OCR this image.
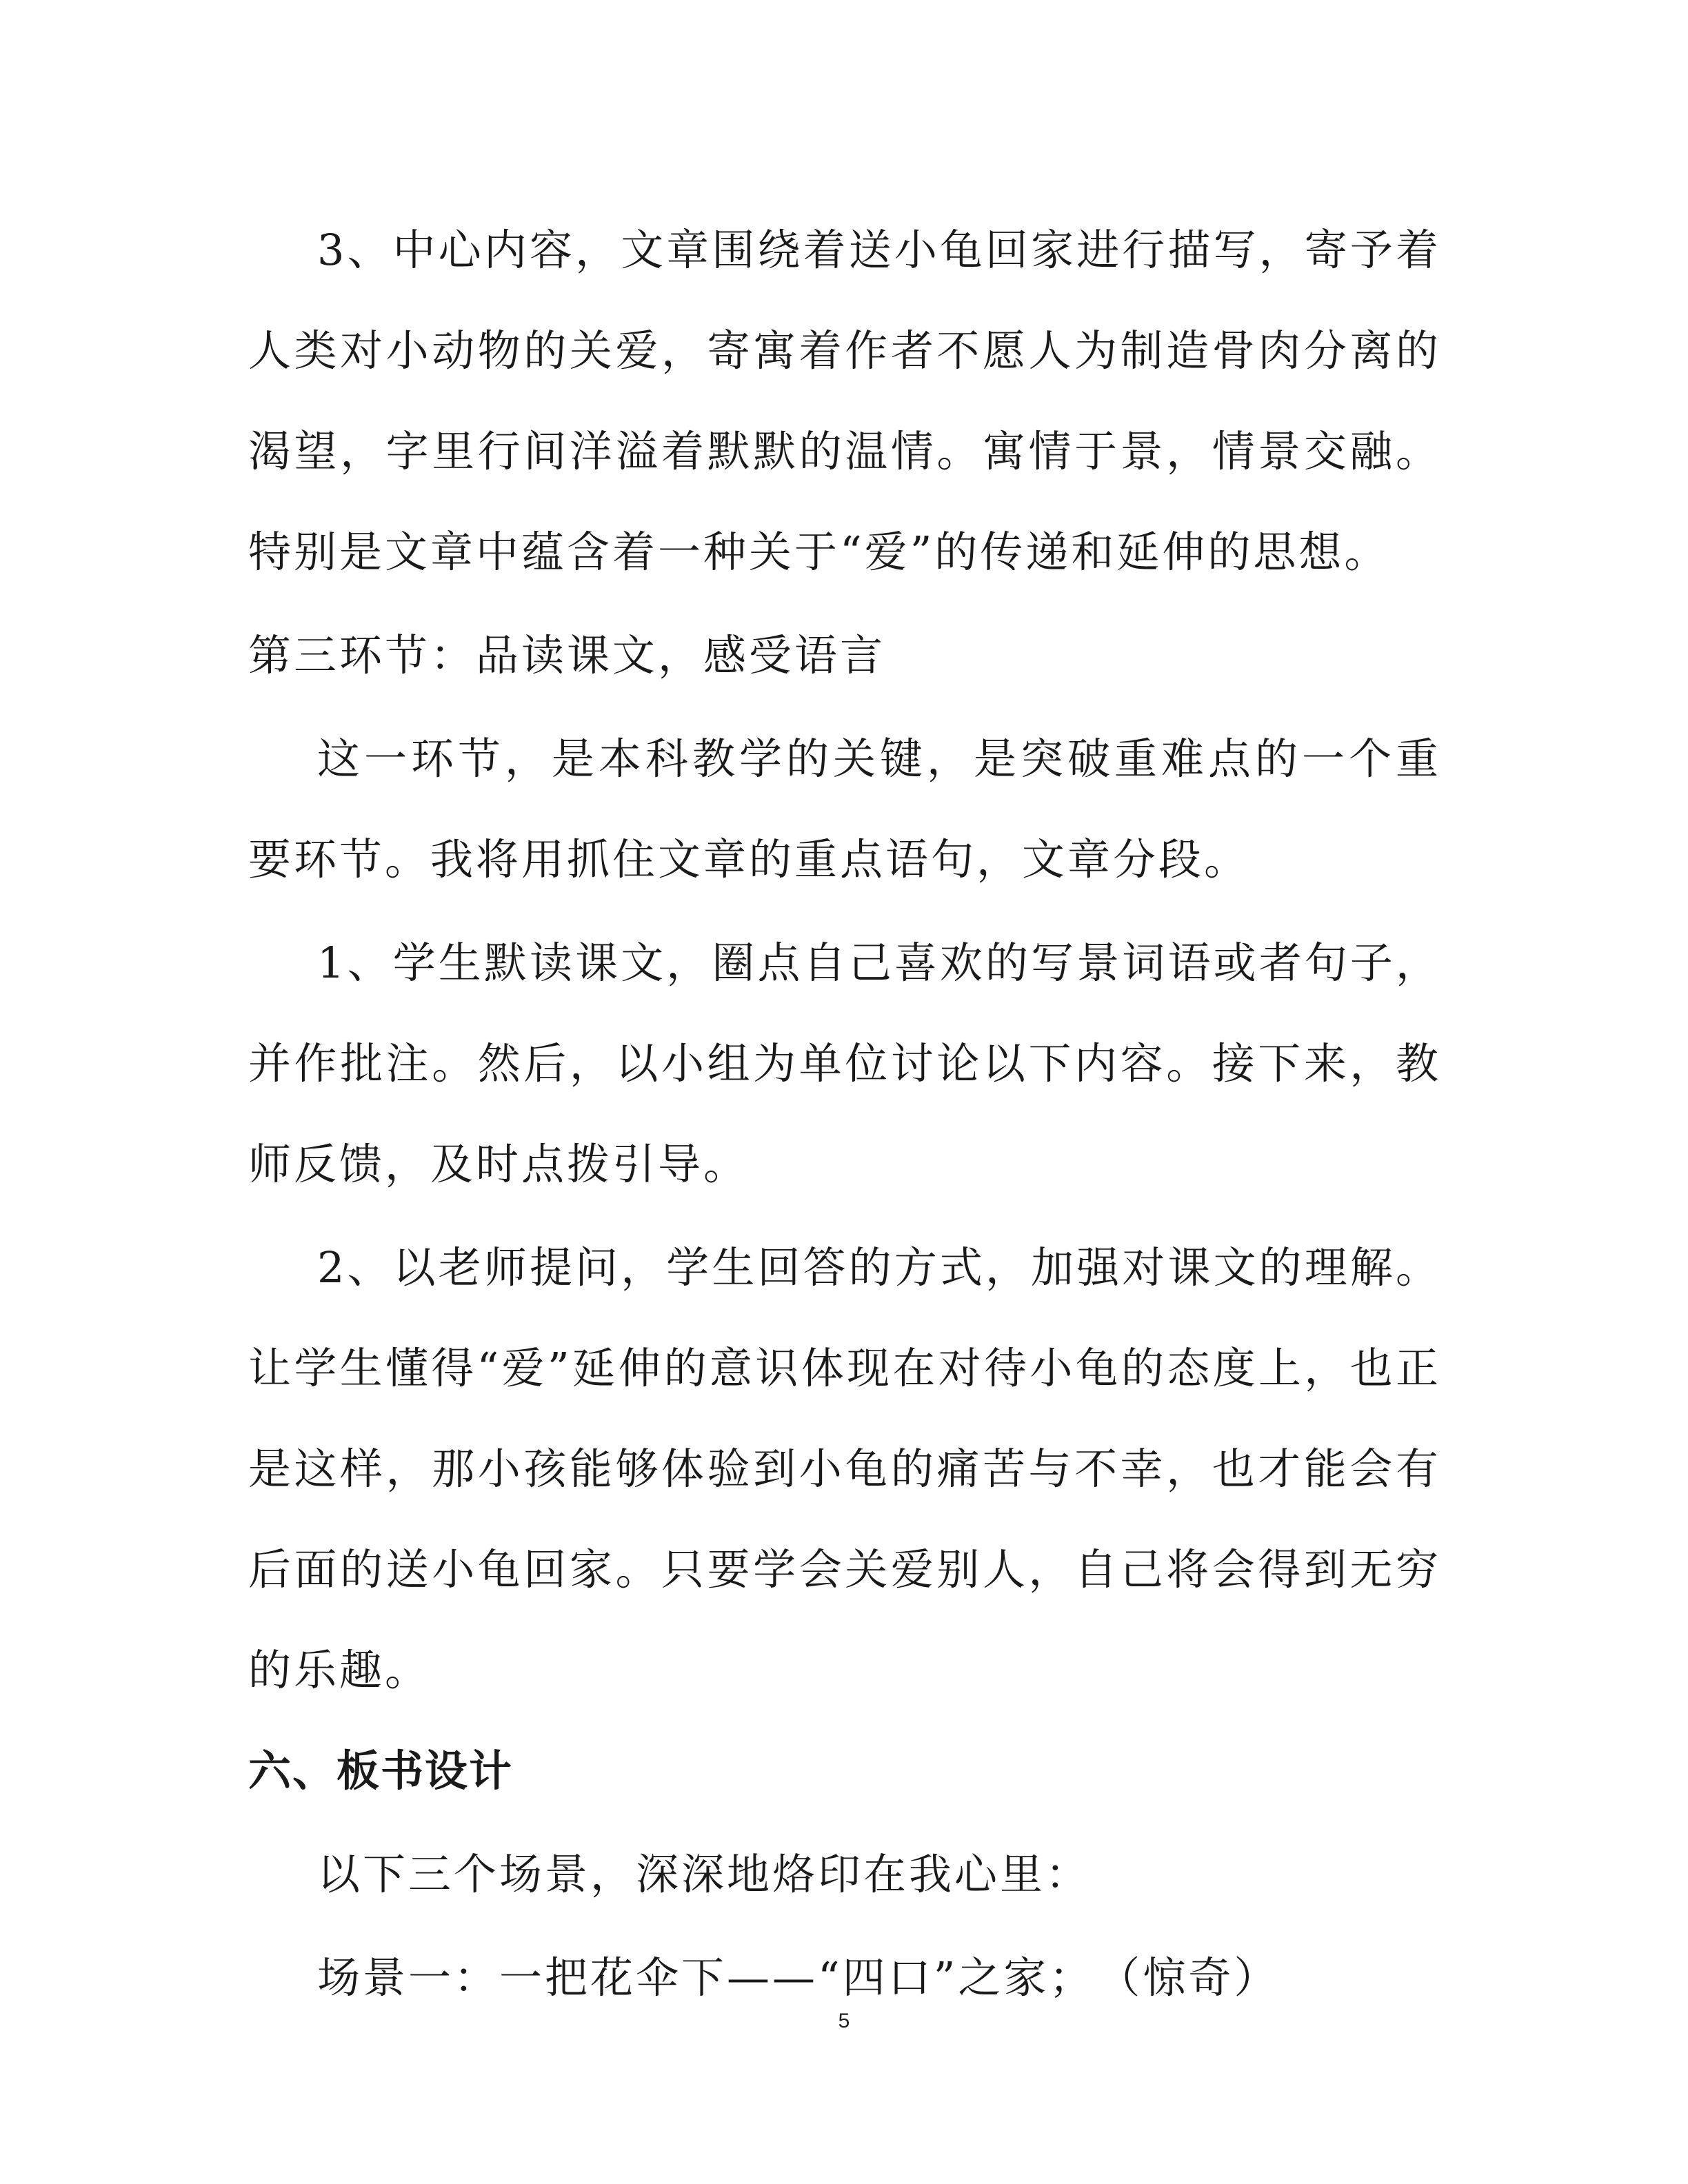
3、中心内容，文章围绕着送小龟回家进行描写，寄予着人类对小动物的关爱，寄寓着作者不愿人为制造骨肉分离的渴望，字里行间洋溢着默默的温情。寓情于景，情景交融。特别是文章中蕴含着一种关于“爱”的传递和延伸的思想。

第三环节：品读课文，感受语言

这一环节，是本科教学的关键，是突破重难点的一个重要环节。我将用抓住文章的重点语句，文章分段。

1、学生默读课文，圈点自己喜欢的写景词语或者句子，并作批注。然后，以小组为单位讨论以下内容。接下来，教师反馈，及时点拨引导。

2、以老师提问，学生回答的方式，加强对课文的理解。让学生懂得“爱”延伸的意识体现在对待小龟的态度上，也正是这样，那小孩能够体验到小龟的痛苦与不幸，也才能会有后面的送小龟回家。只要学会关爱别人，自己将会得到无穷的乐趣。

六、板书设计

以下三个场景，深深地烙印在我心里：

场景一：一把花伞下——“四口”之家；　（惊奇）

5
